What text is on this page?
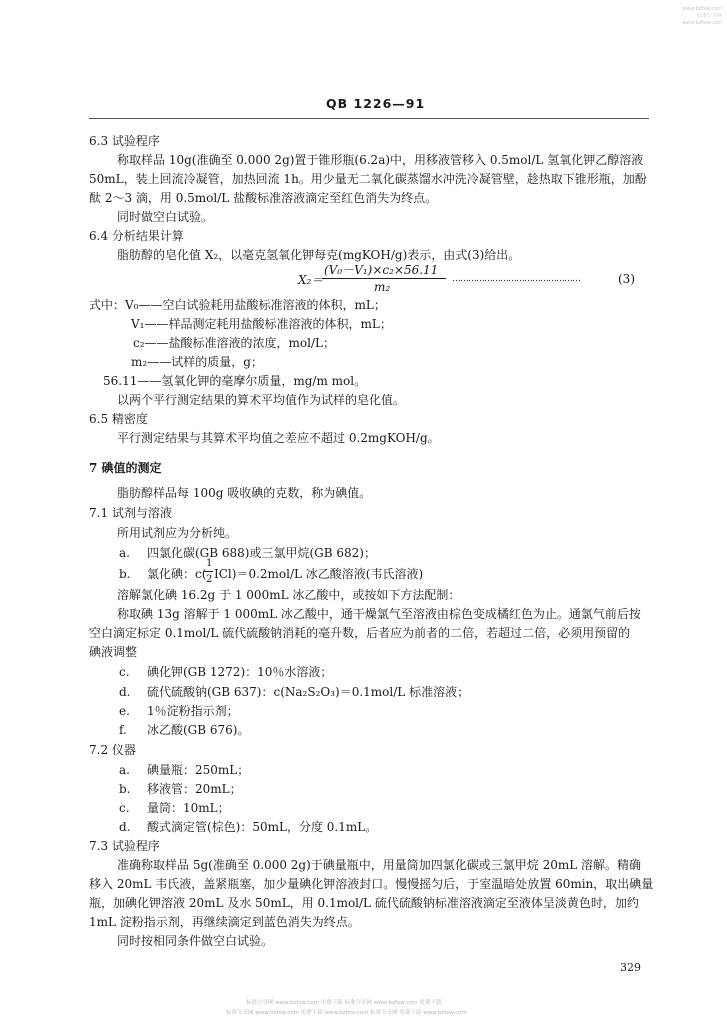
www.bzfxw.com
标准分享网 www.bzfxw.com
QB 1226—91
6.3 试验程序
称取样品 10g(准确至 0.000 2g)置于锥形瓶(6.2a)中，用移液管移入 0.5mol/L 氢氧化钾乙醇溶液
50mL，装上回流冷凝管，加热回流 1h。用少量无二氧化碳蒸馏水冲洗冷凝管壁，趁热取下锥形瓶，加酚
酞 2～3 滴，用 0.5mol/L 盐酸标准溶液滴定至红色消失为终点。
同时做空白试验。
6.4 分析结果计算
脂肪醇的皂化值 X₂，以毫克氢氧化钾每克(mgKOH/g)表示，由式(3)给出。
X₂＝
(V₀－V₁)×c₂×56.11
m₂
…………………………………………	(3)
式中：V₀——空白试验耗用盐酸标准溶液的体积，mL；
V₁——样品测定耗用盐酸标准溶液的体积，mL；
c₂——盐酸标准溶液的浓度，mol/L；
m₂——试样的质量，g；
56.11——氢氧化钾的毫摩尔质量，mg/m mol。
以两个平行测定结果的算术平均值作为试样的皂化值。
6.5 精密度
平行测定结果与其算术平均值之差应不超过 0.2mgKOH/g。
7 碘值的测定
脂肪醇样品每 100g 吸收碘的克数，称为碘值。
7.1 试剂与溶液
所用试剂应为分析纯。
a. 四氯化碳(GB 688)或三氯甲烷(GB 682)；
b. 氯化碘：c(
1
2 ICl)＝0.2mol/L 冰乙酸溶液(韦氏溶液)
溶解氯化碘 16.2g 于 1 000mL 冰乙酸中，或按如下方法配制：
称取碘 13g 溶解于 1 000mL 冰乙酸中，通干燥氯气至溶液由棕色变成橘红色为止。通氯气前后按
空白滴定标定 0.1mol/L 硫代硫酸钠消耗的毫升数，后者应为前者的二倍，若超过二倍，必须用预留的
碘液调整
c. 碘化钾(GB 1272)：10％水溶液；
d. 硫代硫酸钠(GB 637)：c(Na₂S₂O₃)＝0.1mol/L 标准溶液；
e. 1％淀粉指示剂；
f. 冰乙酸(GB 676)。
7.2 仪器
a. 碘量瓶：250mL；
b. 移液管：20mL；
c. 量筒：10mL；
d. 酸式滴定管(棕色)：50mL，分度 0.1mL。
7.3 试验程序
准确称取样品 5g(准确至 0.000 2g)于碘量瓶中，用量筒加四氯化碳或三氯甲烷 20mL 溶解。精确
移入 20mL 韦氏液，盖紧瓶塞，加少量碘化钾溶液封口。慢慢摇匀后，于室温暗处放置 60min，取出碘量
瓶，加碘化钾溶液 20mL 及水 50mL，用 0.1mol/L 硫代硫酸钠标准溶液滴定至液体呈淡黄色时，加约
1mL 淀粉指示剂，再继续滴定到蓝色消失为终点。
同时按相同条件做空白试验。
329
标准分享网 www.bzfxw.com 免费下载 标准分享网 www.bzfxw.com 免费下载
标准分享网 www.bzfxw.com 免费下载 www.bzfxw.com 标准分享网 免费下载 www.bzfxw.com
